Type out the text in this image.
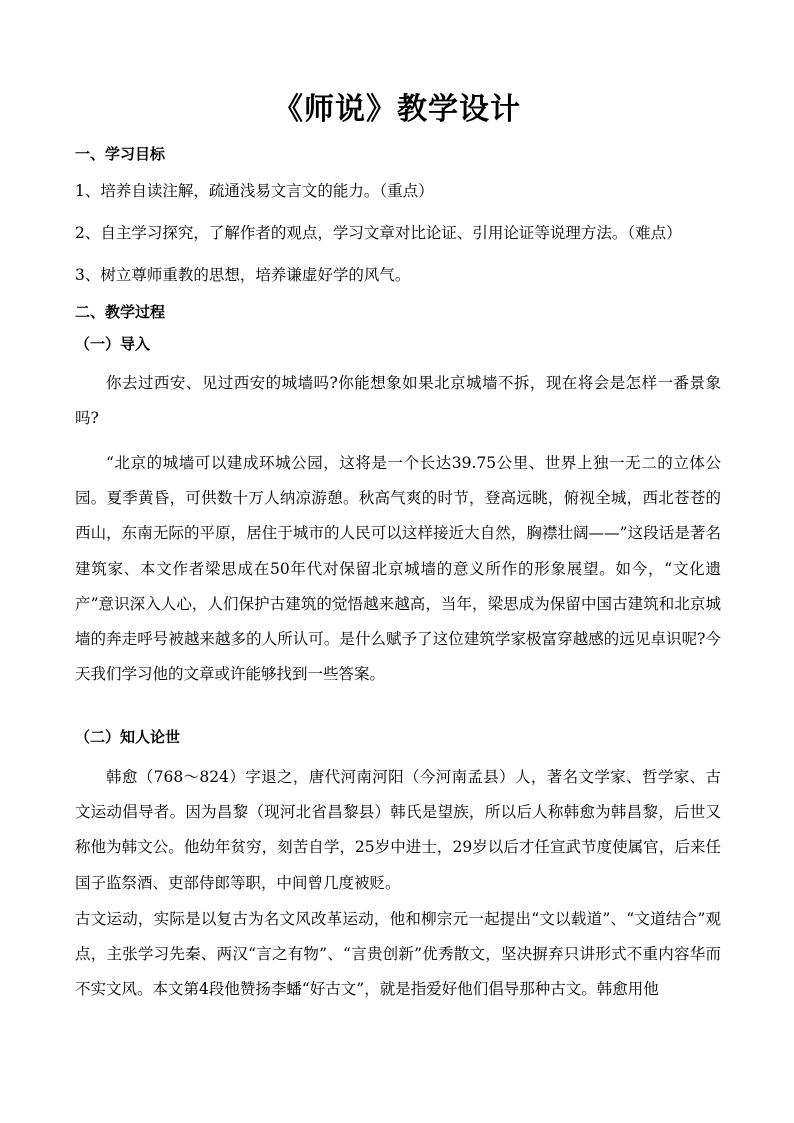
《师说》教学设计

一、学习目标

1、培养自读注解，疏通浅易文言文的能力。（重点）

2、自主学习探究，了解作者的观点，学习文章对比论证、引用论证等说理方法。（难点）

3、树立尊师重教的思想，培养谦虚好学的风气。

二、教学过程

（一）导入

你去过西安、见过西安的城墙吗?你能想象如果北京城墙不拆，现在将会是怎样一番景象吗?

“北京的城墙可以建成环城公园，这将是一个长达39.75公里、世界上独一无二的立体公园。夏季黄昏，可供数十万人纳凉游憩。秋高气爽的时节，登高远眺，俯视全城，西北苍苍的西山，东南无际的平原，居住于城市的人民可以这样接近大自然，胸襟壮阔——”这段话是著名建筑家、本文作者梁思成在50年代对保留北京城墙的意义所作的形象展望。如今，“文化遗产”意识深入人心，人们保护古建筑的觉悟越来越高，当年，梁思成为保留中国古建筑和北京城墙的奔走呼号被越来越多的人所认可。是什么赋予了这位建筑学家极富穿越感的远见卓识呢?今天我们学习他的文章或许能够找到一些答案。

（二）知人论世

韩愈（768～824）字退之，唐代河南河阳（今河南孟县）人，著名文学家、哲学家、古文运动倡导者。因为昌黎（现河北省昌黎县）韩氏是望族，所以后人称韩愈为韩昌黎，后世又称他为韩文公。他幼年贫穷，刻苦自学，25岁中进士，29岁以后才任宣武节度使属官，后来任国子监祭酒、吏部侍郎等职，中间曾几度被贬。

古文运动，实际是以复古为名文风改革运动，他和柳宗元一起提出“文以载道”、“文道结合”观点，主张学习先秦、两汉“言之有物”、“言贵创新”优秀散文，坚决摒弃只讲形式不重内容华而不实文风。本文第4段他赞扬李蟠“好古文”，就是指爱好他们倡导那种古文。韩愈用他
